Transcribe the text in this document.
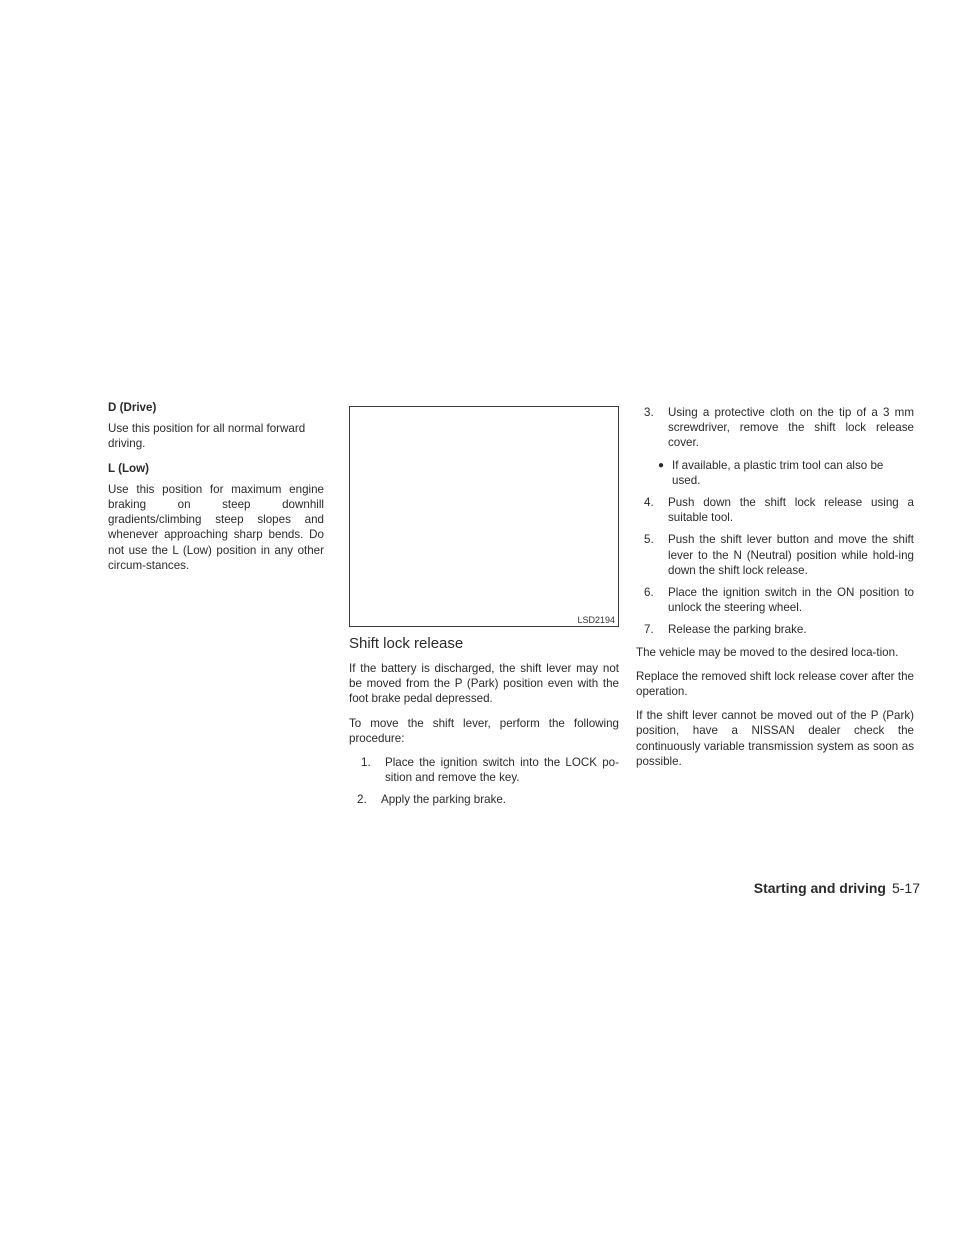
D (Drive)

Use this position for all normal forward driving.

L (Low)

Use this position for maximum engine braking on steep downhill gradients/climbing steep slopes and whenever approaching sharp bends. Do not use the L (Low) position in any other circum-stances.

LSD2194
Shift lock release

If the battery is discharged, the shift lever may not be moved from the P (Park) position even with the foot brake pedal depressed.

To move the shift lever, perform the following procedure:

1.	Place the ignition switch into the LOCK po-sition and remove the key.
2.	Apply the parking brake.
3.	Using a protective cloth on the tip of a 3 mm screwdriver, remove the shift lock release cover.
● If available, a plastic trim tool can also be used.
4.	Push down the shift lock release using a suitable tool.
5.	Push the shift lever button and move the shift lever to the N (Neutral) position while hold-ing down the shift lock release.
6.	Place the ignition switch in the ON position to unlock the steering wheel.
7.	Release the parking brake.

The vehicle may be moved to the desired loca-tion.

Replace the removed shift lock release cover after the operation.

If the shift lever cannot be moved out of the P (Park) position, have a NISSAN dealer check the continuously variable transmission system as soon as possible.

Starting and driving 5-17
